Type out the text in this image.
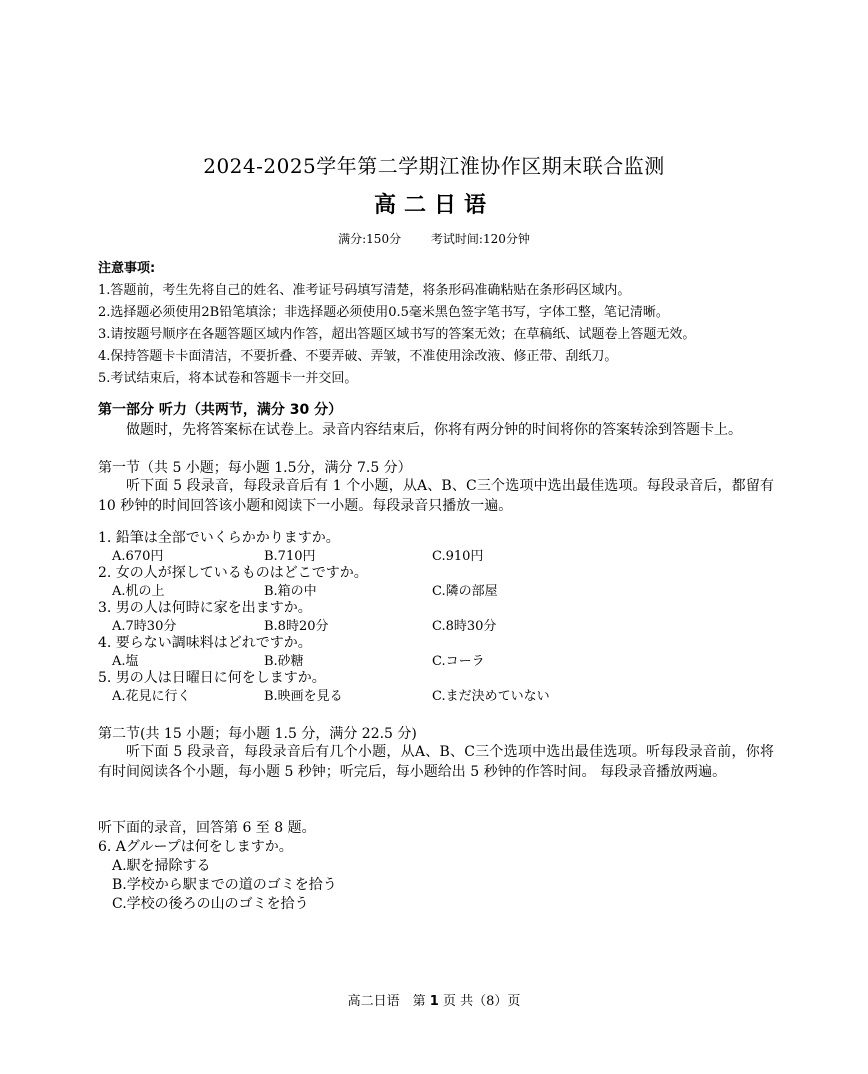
2024-2025学年第二学期江淮协作区期末联合监测
高二日语
满分:150分 考试时间:120分钟
注意事项:
1.答题前，考生先将自己的姓名、准考证号码填写清楚，将条形码准确粘贴在条形码区域内。
2.选择题必须使用2B铅笔填涂；非选择题必须使用0.5毫米黑色签字笔书写，字体工整，笔记清晰。
3.请按题号顺序在各题答题区域内作答，超出答题区域书写的答案无效；在草稿纸、试题卷上答题无效。
4.保持答题卡卡面清洁，不要折叠、不要弄破、弄皱，不准使用涂改液、修正带、刮纸刀。
5.考试结束后，将本试卷和答题卡一并交回。
第一部分 听力（共两节，满分 30 分）
做题时，先将答案标在试卷上。录音内容结束后，你将有两分钟的时间将你的答案转涂到答题卡上。
第一节（共 5 小题；每小题 1.5分，满分 7.5 分）
听下面 5 段录音，每段录音后有 1 个小题，从A、B、C三个选项中选出最佳选项。每段录音后，都留有 10 秒钟的时间回答该小题和阅读下一小题。每段录音只播放一遍。
1. 鉛筆は全部でいくらかかりますか。
A.670円	B.710円	C.910円
2. 女の人が探しているものはどこですか。
A.机の上	B.箱の中	C.隣の部屋
3. 男の人は何時に家を出ますか。
A.7時30分	B.8時20分	C.8時30分
4. 要らない調味料はどれですか。
A.塩	B.砂糖	C.コーラ
5. 男の人は日曜日に何をしますか。
A.花見に行く	B.映画を見る	C.まだ決めていない
第二节(共 15 小题；每小题 1.5 分，满分 22.5 分)
听下面 5 段录音，每段录音后有几个小题，从A、B、C三个选项中选出最佳选项。听每段录音前，你将有时间阅读各个小题，每小题 5 秒钟；听完后，每小题给出 5 秒钟的作答时间。 每段录音播放两遍。
听下面的录音，回答第 6 至 8 题。
6. Aグループは何をしますか。
A.駅を掃除する
B.学校から駅までの道のゴミを拾う
C.学校の後ろの山のゴミを拾う
高二日语　第 1 页 共（8）页
